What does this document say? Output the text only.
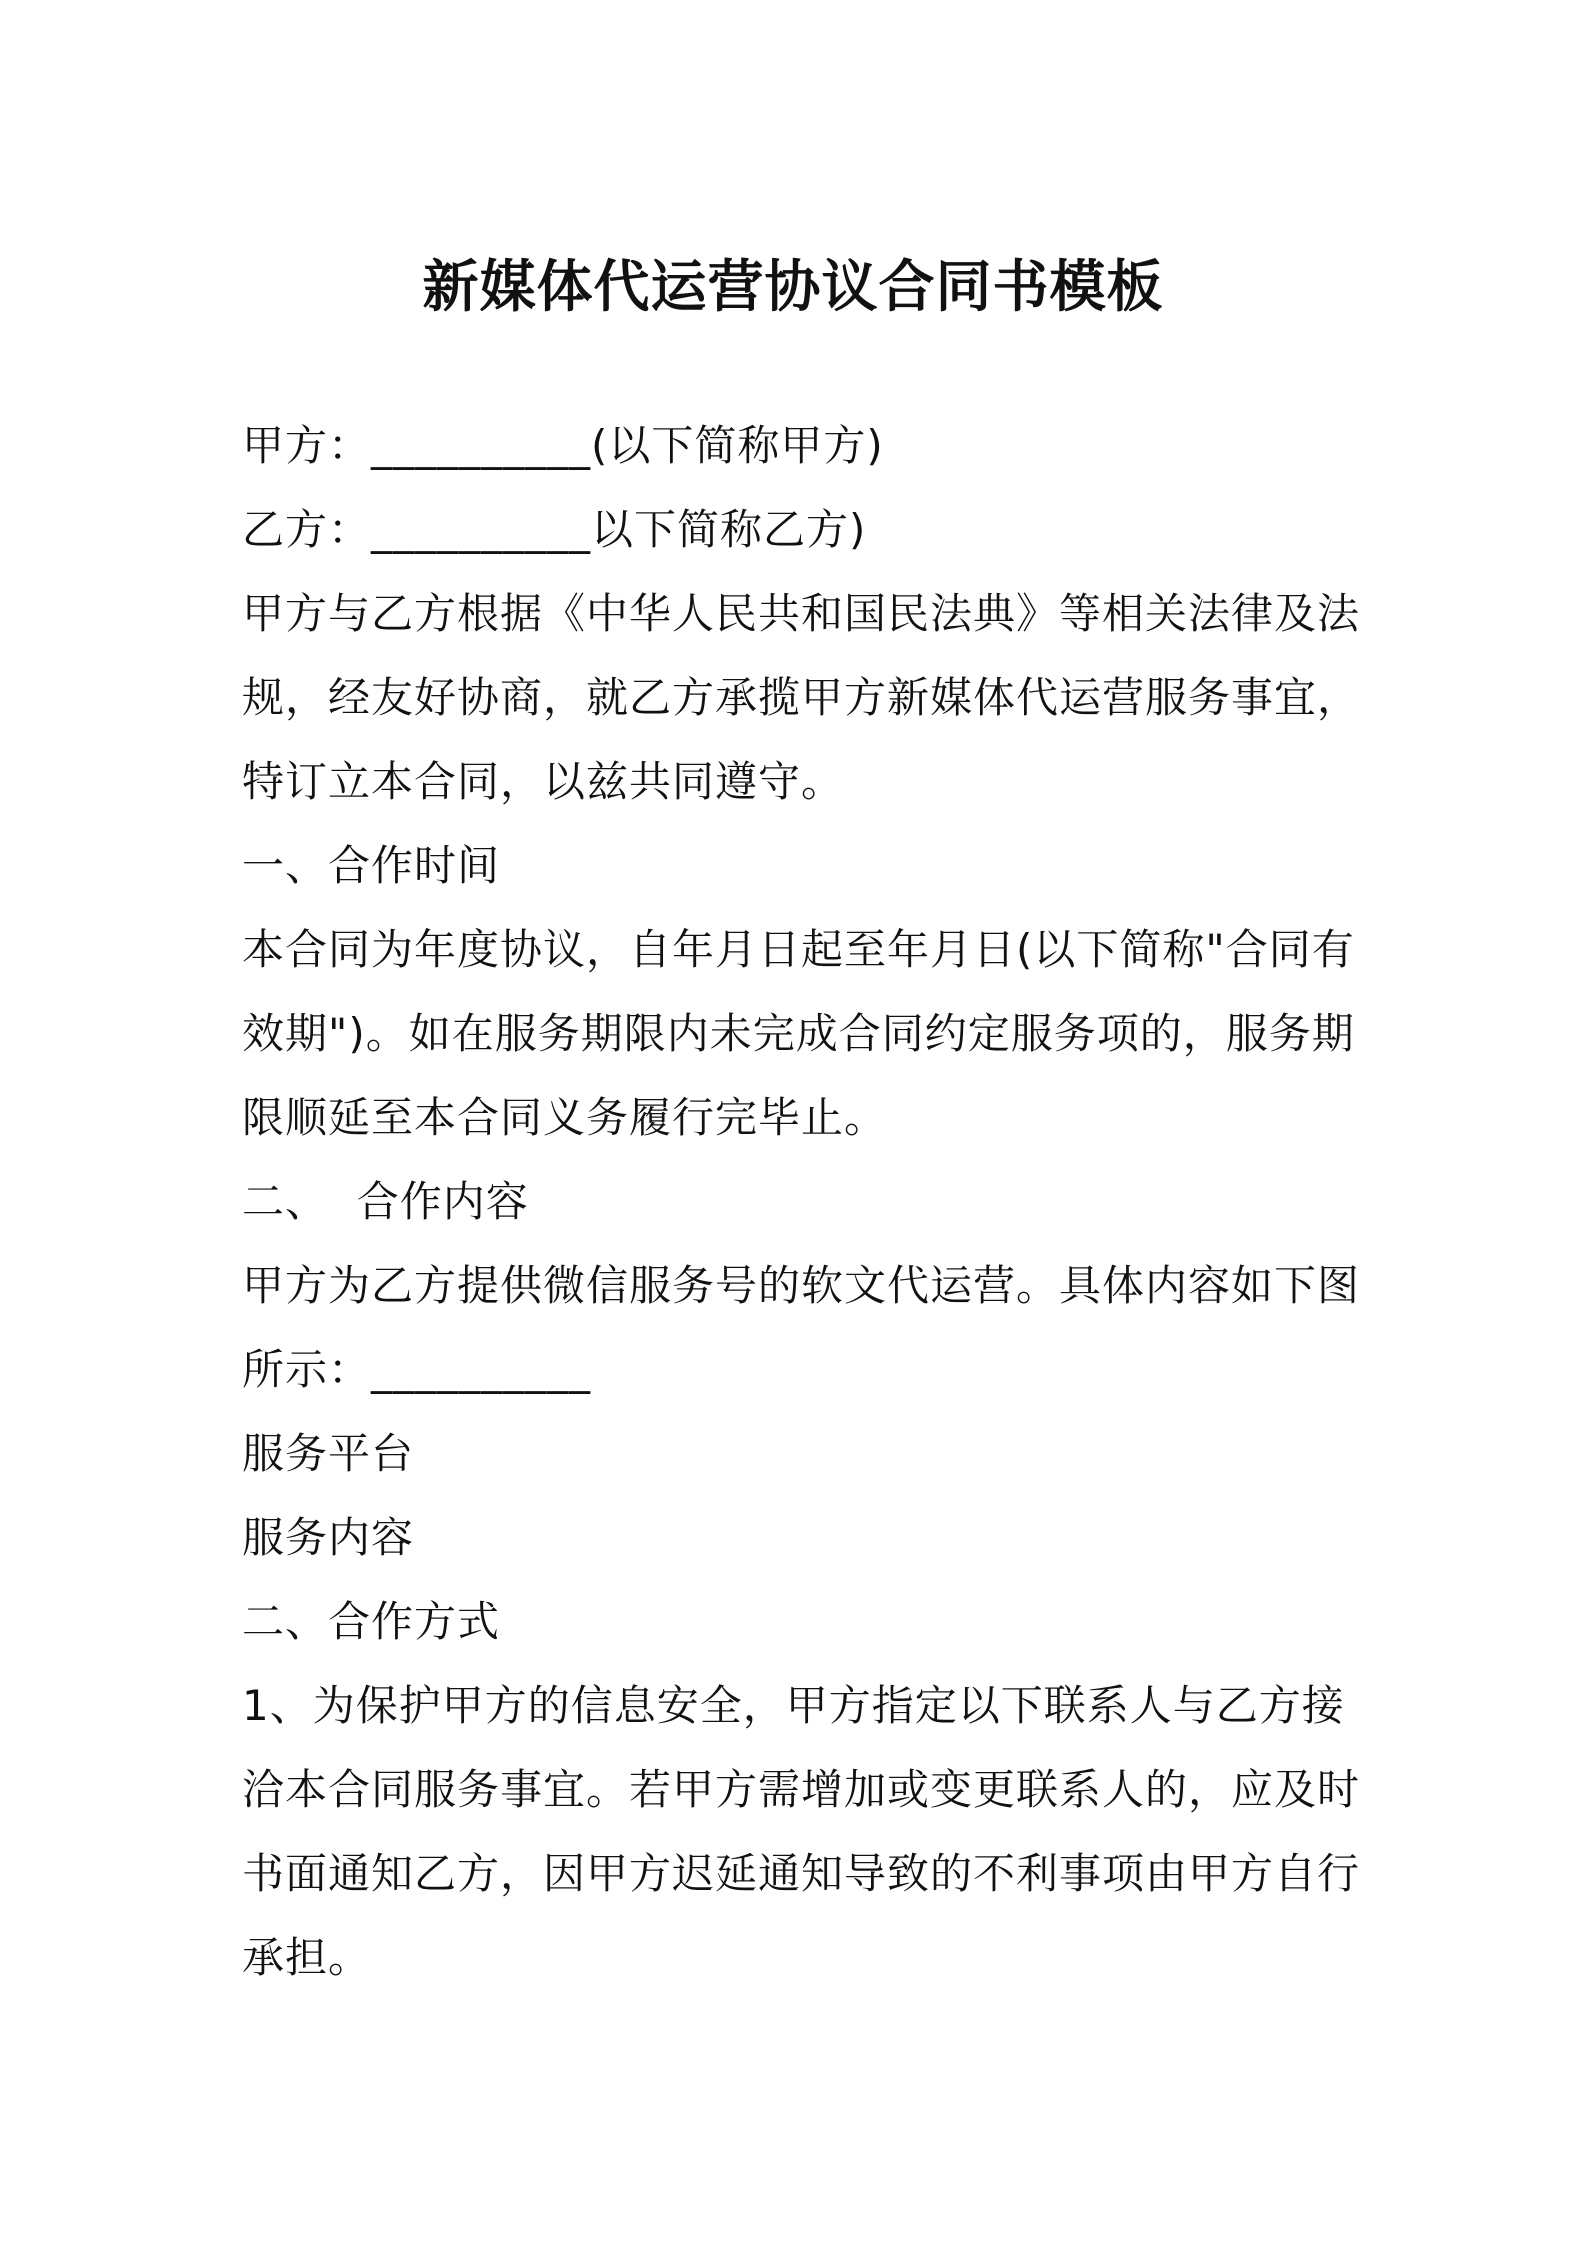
新媒体代运营协议合同书模板
甲方：__________(以下简称甲方)
乙方：__________以下简称乙方)
甲方与乙方根据《中华人民共和国民法典》等相关法律及法
规，经友好协商，就乙方承揽甲方新媒体代运营服务事宜，
特订立本合同，以兹共同遵守。
一、合作时间
本合同为年度协议，自年月日起至年月日(以下简称"合同有
效期")。如在服务期限内未完成合同约定服务项的，服务期
限顺延至本合同义务履行完毕止。
二、  合作内容
甲方为乙方提供微信服务号的软文代运营。具体内容如下图
所示：__________
服务平台
服务内容
二、合作方式
1、为保护甲方的信息安全，甲方指定以下联系人与乙方接
洽本合同服务事宜。若甲方需增加或变更联系人的，应及时
书面通知乙方，因甲方迟延通知导致的不利事项由甲方自行
承担。
